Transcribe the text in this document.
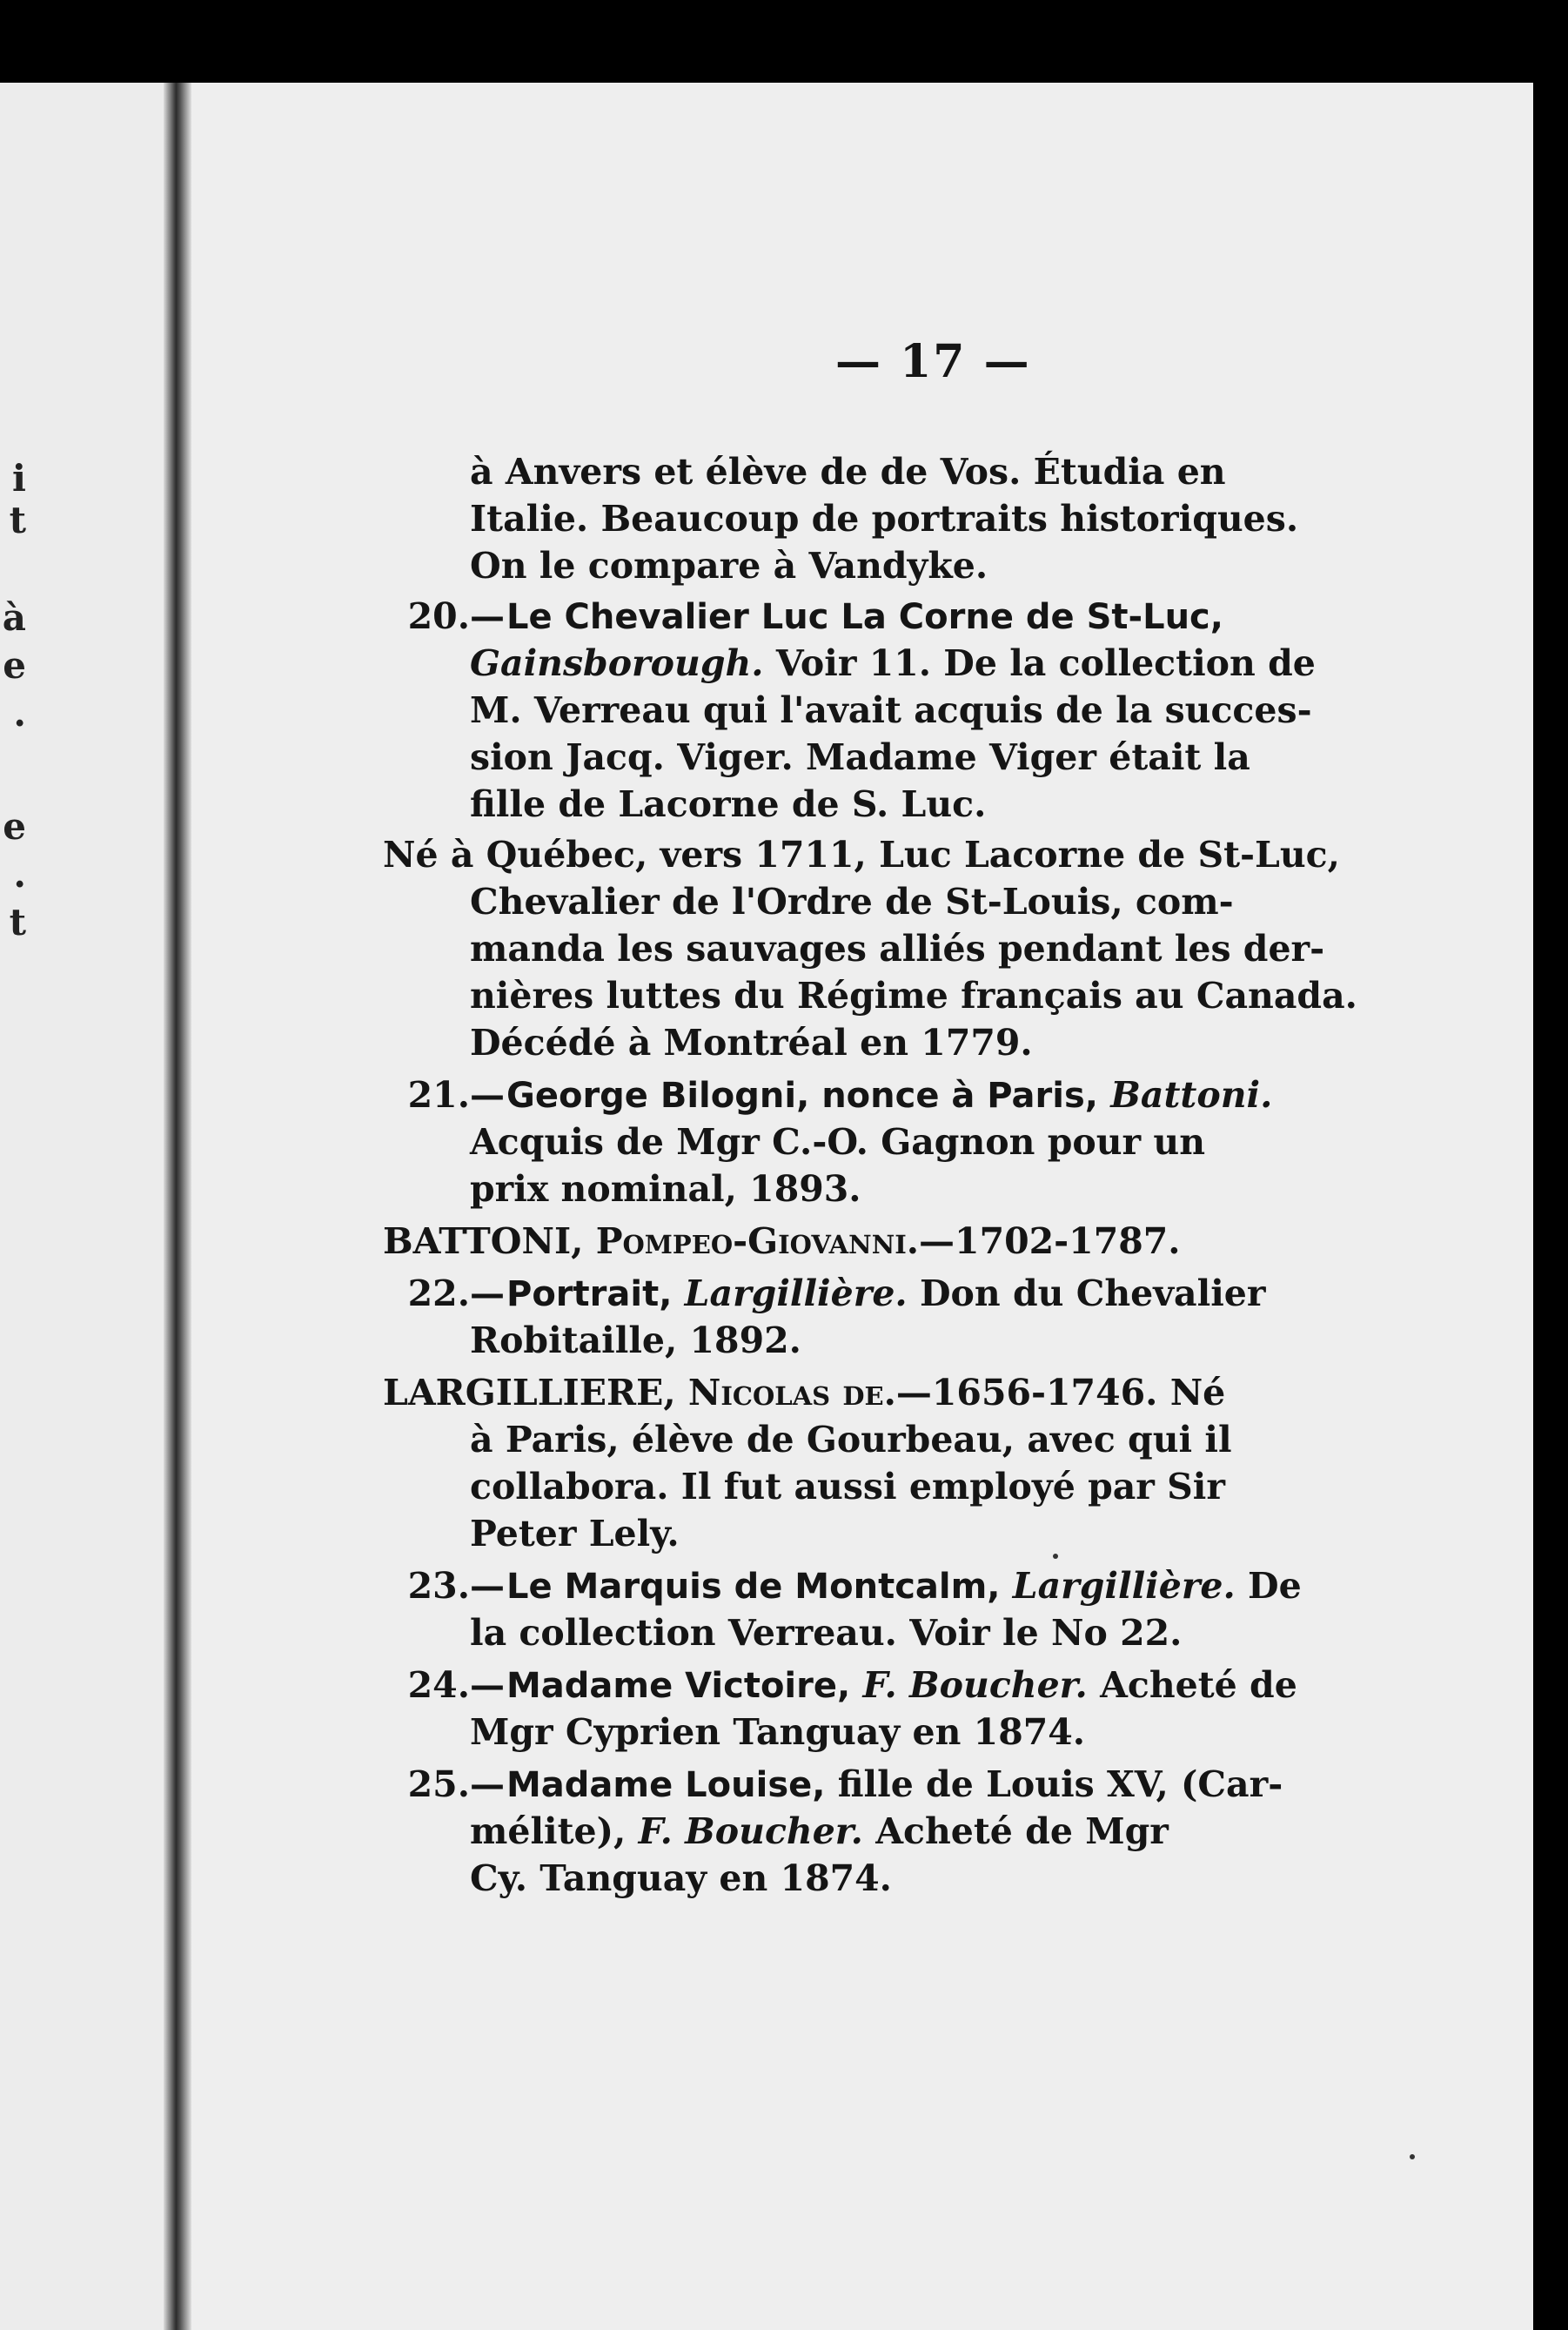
i
t
à
e
.
e
.
t
— 17 —
à Anvers et élève de de Vos. Étudia en
Italie. Beaucoup de portraits historiques.
On le compare à Vandyke.
20.—Le Chevalier Luc La Corne de St-Luc,
Gainsborough. Voir 11. De la collection de
M. Verreau qui l'avait acquis de la succes-
sion Jacq. Viger. Madame Viger était la
fille de Lacorne de S. Luc.
Né à Québec, vers 1711, Luc Lacorne de St-Luc,
Chevalier de l'Ordre de St-Louis, com-
manda les sauvages alliés pendant les der-
nières luttes du Régime français au Canada.
Décédé à Montréal en 1779.
21.—George Bilogni, nonce à Paris, Battoni.
Acquis de Mgr C.-O. Gagnon pour un
prix nominal, 1893.
BATTONI, Pompeo-Giovanni.—1702-1787.
22.—Portrait, Largillière. Don du Chevalier
Robitaille, 1892.
LARGILLIERE, Nicolas de.—1656-1746. Né
à Paris, élève de Gourbeau, avec qui il
collabora. Il fut aussi employé par Sir
Peter Lely.
23.—Le Marquis de Montcalm, Largillière. De
la collection Verreau. Voir le No 22.
24.—Madame Victoire, F. Boucher. Acheté de
Mgr Cyprien Tanguay en 1874.
25.—Madame Louise, fille de Louis XV, (Car-
mélite), F. Boucher. Acheté de Mgr
Cy. Tanguay en 1874.
